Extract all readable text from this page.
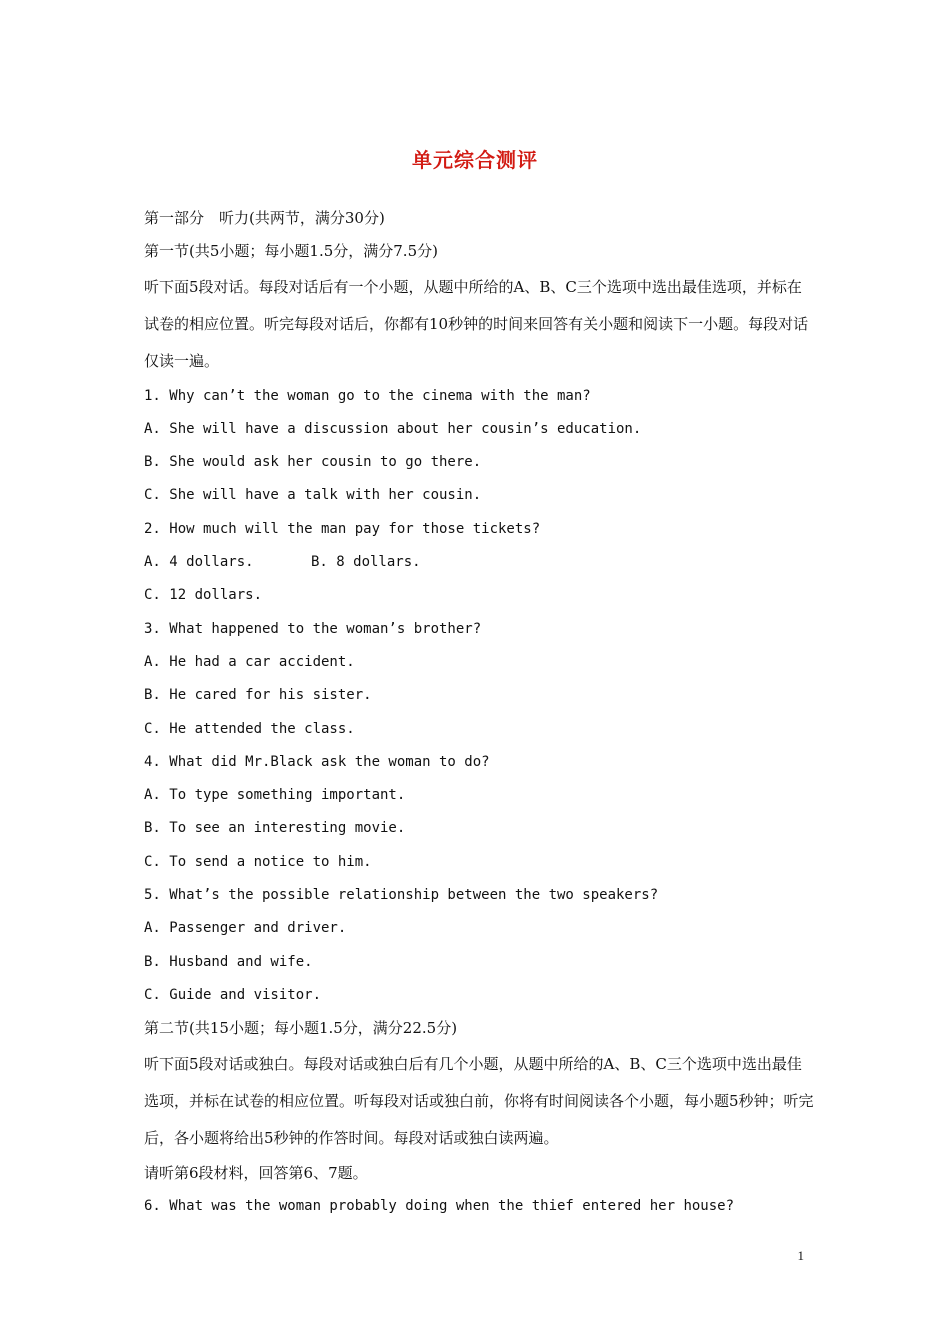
单元综合测评
第一部分　听力(共两节，满分30分)
第一节(共5小题；每小题1.5分，满分7.5分)
听下面5段对话。每段对话后有一个小题，从题中所给的A、B、C三个选项中选出最佳选项，并标在试卷的相应位置。听完每段对话后，你都有10秒钟的时间来回答有关小题和阅读下一小题。每段对话仅读一遍。
1. Why can’t the woman go to the cinema with the man?
A. She will have a discussion about her cousin’s education.
B. She would ask her cousin to go there.
C. She will have a talk with her cousin.
2. How much will the man pay for those tickets?
A. 4 dollars.	B. 8 dollars.
C. 12 dollars.
3. What happened to the woman’s brother?
A. He had a car accident.
B. He cared for his sister.
C. He attended the class.
4. What did Mr.Black ask the woman to do?
A. To type something important.
B. To see an interesting movie.
C. To send a notice to him.
5. What’s the possible relationship between the two speakers?
A. Passenger and driver.
B. Husband and wife.
C. Guide and visitor.
第二节(共15小题；每小题1.5分，满分22.5分)
听下面5段对话或独白。每段对话或独白后有几个小题，从题中所给的A、B、C三个选项中选出最佳选项，并标在试卷的相应位置。听每段对话或独白前，你将有时间阅读各个小题，每小题5秒钟；听完后，各小题将给出5秒钟的作答时间。每段对话或独白读两遍。
请听第6段材料，回答第6、7题。
6. What was the woman probably doing when the thief entered her house?
1
